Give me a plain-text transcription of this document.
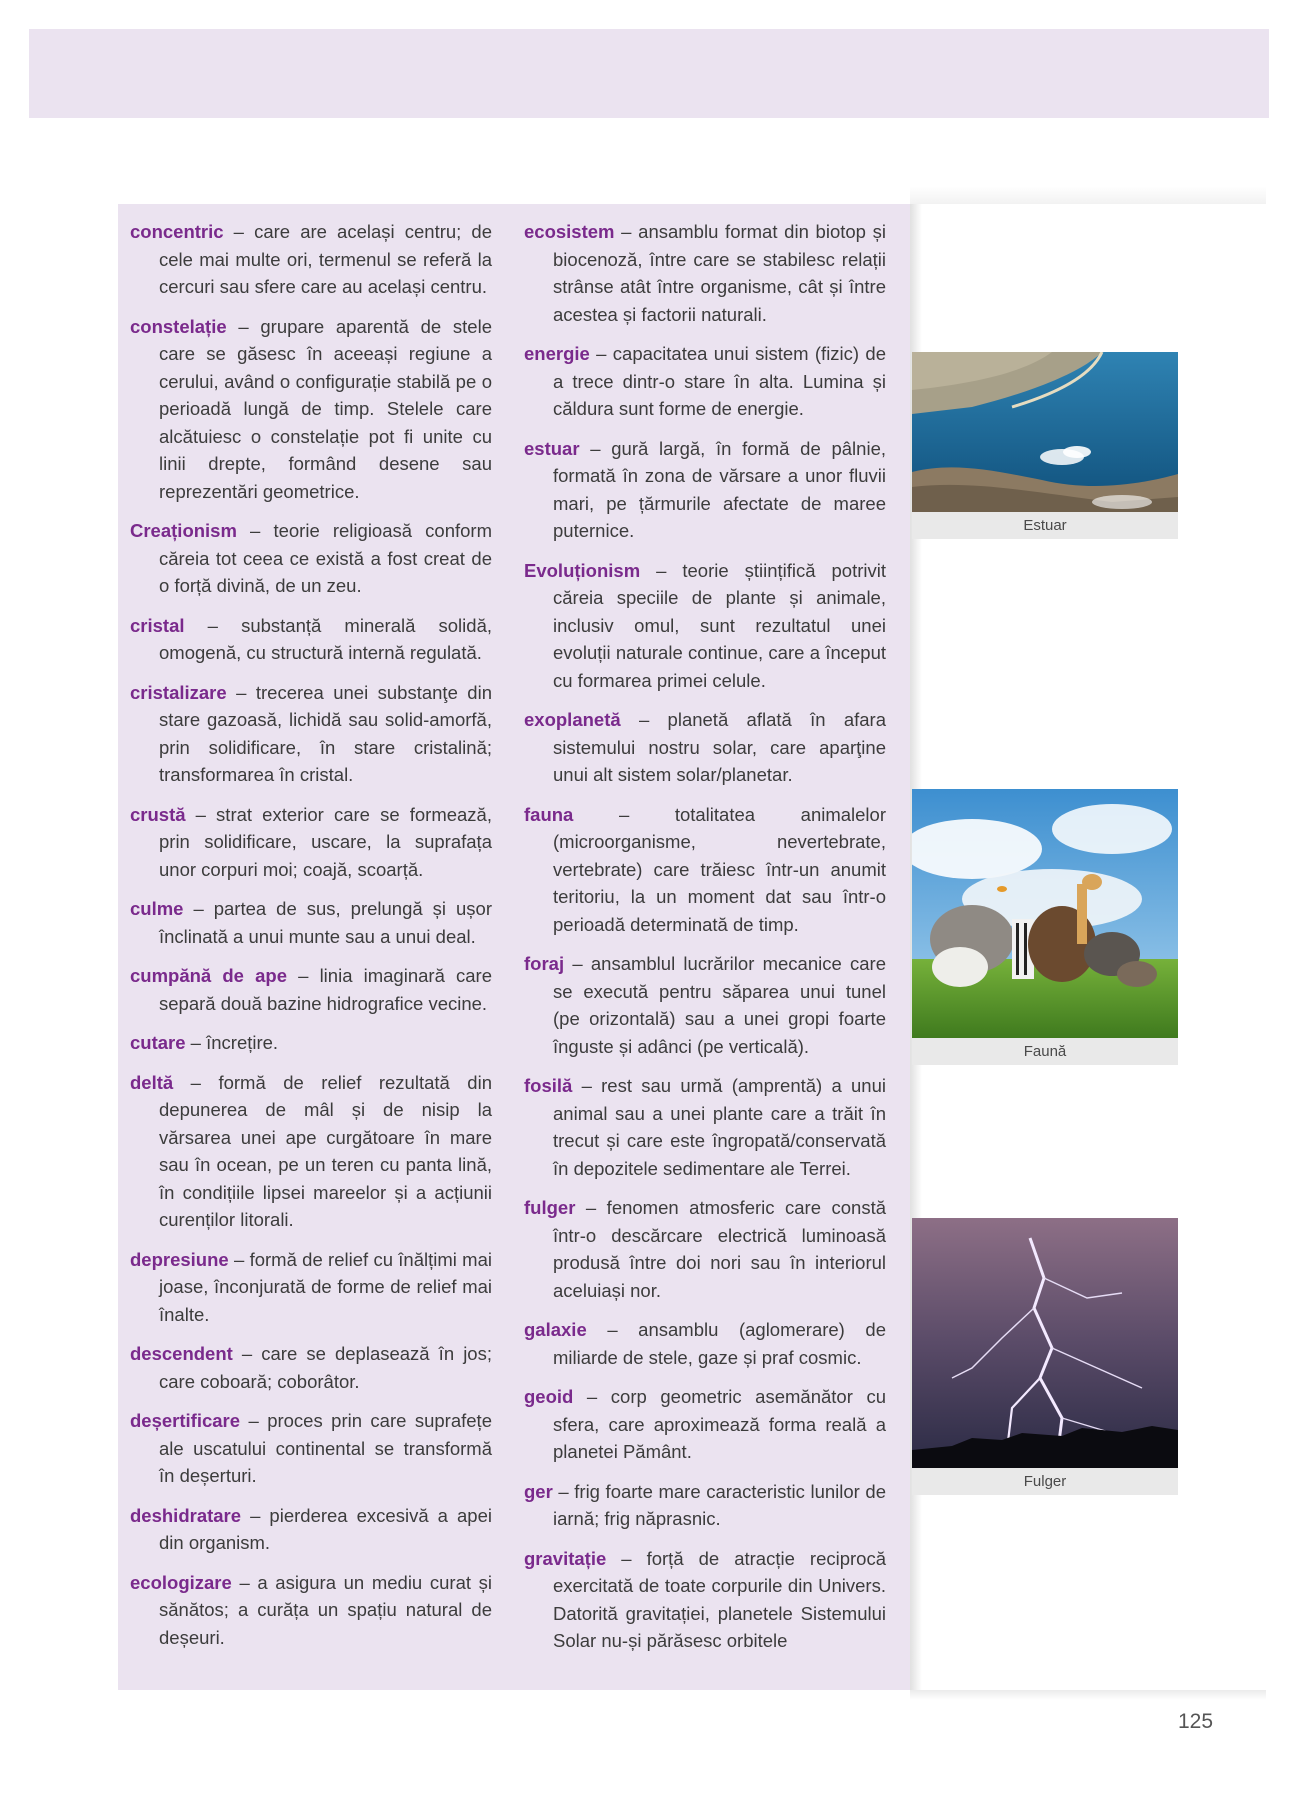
concentric – care are același centru; de cele mai multe ori, termenul se referă la cercuri sau sfere care au același centru.

constelație – grupare aparentă de stele care se găsesc în aceeași regiune a cerului, având o configurație stabilă pe o perioadă lungă de timp. Stelele care alcătuiesc o constelație pot fi unite cu linii drepte, formând desene sau reprezentări geometrice.

Creaționism – teorie religioasă conform căreia tot ceea ce există a fost creat de o forță divină, de un zeu.

cristal – substanță minerală solidă, omogenă, cu structură internă regulată.

cristalizare – trecerea unei substanţe din stare gazoasă, lichidă sau solid-amorfă, prin solidificare, în stare cristalină; transformarea în cristal.

crustă – strat exterior care se formează, prin solidificare, uscare, la suprafața unor corpuri moi; coajă, scoarță.

culme – partea de sus, prelungă și ușor înclinată a unui munte sau a unui deal.

cumpănă de ape – linia imaginară care separă două bazine hidrografice vecine.

cutare – încrețire.

deltă – formă de relief rezultată din depunerea de mâl și de nisip la vărsarea unei ape curgătoare în mare sau în ocean, pe un teren cu panta lină, în condițiile lipsei mareelor și a acțiunii curenților litorali.

depresiune – formă de relief cu înălțimi mai joase, înconjurată de forme de relief mai înalte.

descendent – care se deplasează în jos; care coboară; coborâtor.

deșertificare – proces prin care suprafețe ale uscatului continental se transformă în deșerturi.

deshidratare – pierderea excesivă a apei din organism.

ecologizare – a asigura un mediu curat și sănătos; a curăța un spațiu natural de deșeuri.

ecosistem – ansamblu format din biotop și biocenoză, între care se stabilesc relații strânse atât între organisme, cât și între acestea și factorii naturali.

energie – capacitatea unui sistem (fizic) de a trece dintr-o stare în alta. Lumina și căldura sunt forme de energie.

estuar – gură largă, în formă de pâlnie, formată în zona de vărsare a unor fluvii mari, pe țărmurile afectate de maree puternice.

Evoluționism – teorie științifică potrivit căreia speciile de plante și animale, inclusiv omul, sunt rezultatul unei evoluții naturale continue, care a început cu formarea primei celule.

exoplanetă – planetă aflată în afara sistemului nostru solar, care aparţine unui alt sistem solar/planetar.

fauna – totalitatea animalelor (microorganisme, nevertebrate, vertebrate) care trăiesc într-un anumit teritoriu, la un moment dat sau într-o perioadă determinată de timp.

foraj – ansamblul lucrărilor mecanice care se execută pentru săparea unui tunel (pe orizontală) sau a unei gropi foarte înguste și adânci (pe verticală).

fosilă – rest sau urmă (amprentă) a unui animal sau a unei plante care a trăit în trecut și care este îngropată/conservată în depozitele sedimentare ale Terrei.

fulger – fenomen atmosferic care constă într-o descărcare electrică luminoasă produsă între doi nori sau în interiorul aceluiași nor.

galaxie – ansamblu (aglomerare) de miliarde de stele, gaze și praf cosmic.

geoid – corp geometric asemănător cu sfera, care aproximează forma reală a planetei Pământ.

ger – frig foarte mare caracteristic lunilor de iarnă; frig năprasnic.

gravitație – forță de atracție reciprocă exercitată de toate corpurile din Univers. Datorită gravitației, planetele Sistemului Solar nu-și părăsesc orbitele

Estuar
Faună
Fulger
125
